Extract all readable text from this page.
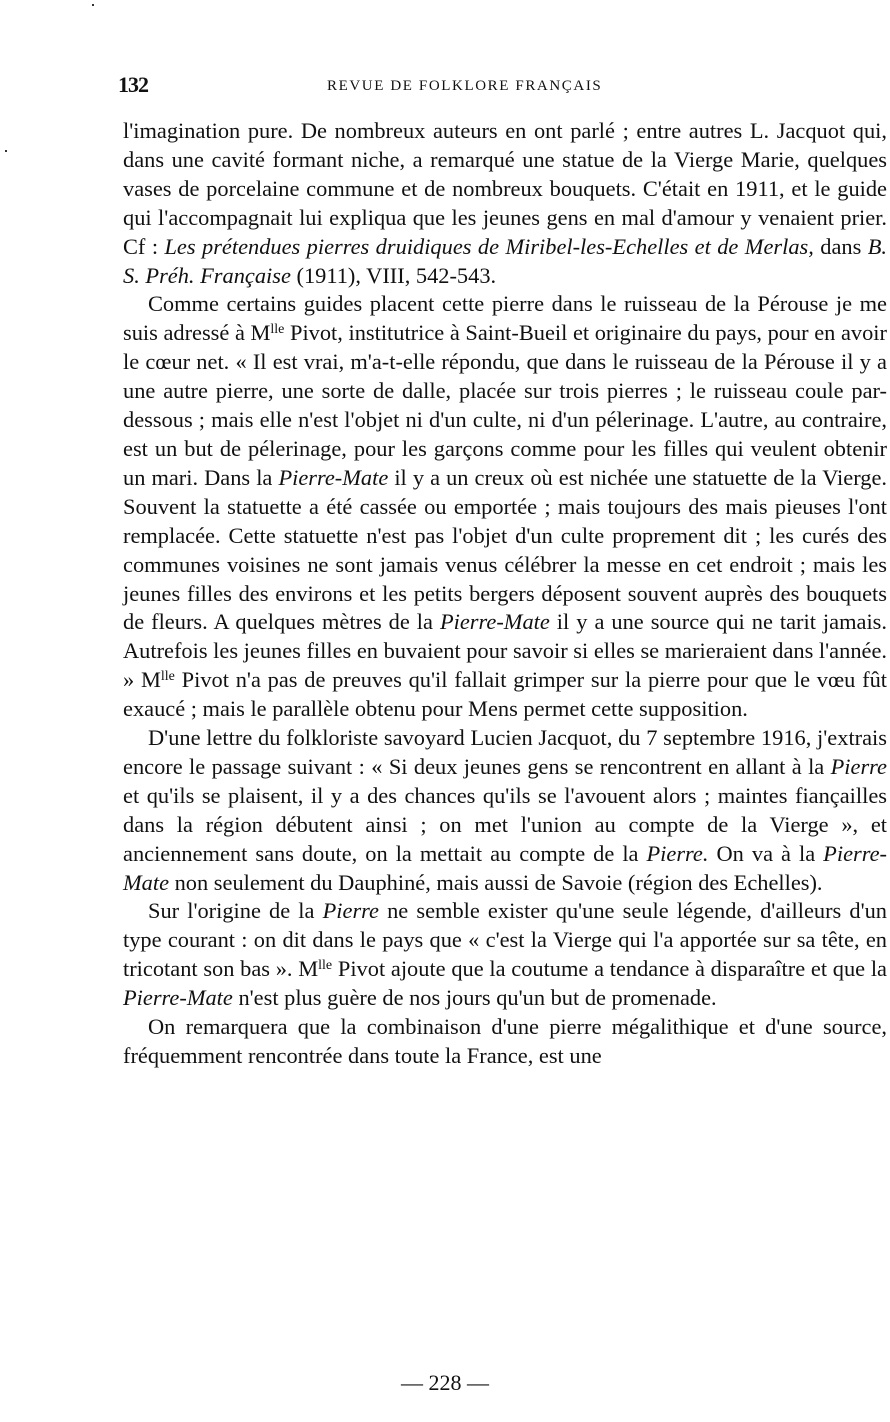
132	REVUE DE FOLKLORE FRANÇAIS

l'imagination pure. De nombreux auteurs en ont parlé ; entre autres L. Jacquot qui, dans une cavité formant niche, a remarqué une statue de la Vierge Marie, quelques vases de porcelaine commune et de nombreux bouquets. C'était en 1911, et le guide qui l'accompagnait lui expliqua que les jeunes gens en mal d'amour y venaient prier. Cf : Les prétendues pierres druidiques de Miribel-les-Echelles et de Merlas, dans B. S. Préh. Française (1911), VIII, 542-543.

Comme certains guides placent cette pierre dans le ruisseau de la Pérouse je me suis adressé à $M^{lle}$ Pivot, institutrice à Saint-Bueil et originaire du pays, pour en avoir le cœur net. « Il est vrai, m'a-t-elle répondu, que dans le ruisseau de la Pérouse il y a une autre pierre, une sorte de dalle, placée sur trois pierres ; le ruisseau coule par-dessous ; mais elle n'est l'objet ni d'un culte, ni d'un pélerinage. L'autre, au contraire, est un but de pélerinage, pour les garçons comme pour les filles qui veulent obtenir un mari. Dans la Pierre-Mate il y a un creux où est nichée une statuette de la Vierge. Souvent la statuette a été cassée ou emportée ; mais toujours des mais pieuses l'ont remplacée. Cette statuette n'est pas l'objet d'un culte proprement dit ; les curés des communes voisines ne sont jamais venus célébrer la messe en cet endroit ; mais les jeunes filles des environs et les petits bergers déposent souvent auprès des bouquets de fleurs. A quelques mètres de la Pierre-Mate il y a une source qui ne tarit jamais. Autrefois les jeunes filles en buvaient pour savoir si elles se marieraient dans l'année. » $M^{lle}$ Pivot n'a pas de preuves qu'il fallait grimper sur la pierre pour que le vœu fût exaucé ; mais le parallèle obtenu pour Mens permet cette supposition.

D'une lettre du folkloriste savoyard Lucien Jacquot, du 7 septembre 1916, j'extrais encore le passage suivant : « Si deux jeunes gens se rencontrent en allant à la Pierre et qu'ils se plaisent, il y a des chances qu'ils se l'avouent alors ; maintes fiançailles dans la région débutent ainsi ; on met l'union au compte de la Vierge », et anciennement sans doute, on la mettait au compte de la Pierre. On va à la Pierre-Mate non seulement du Dauphiné, mais aussi de Savoie (région des Echelles).

Sur l'origine de la Pierre ne semble exister qu'une seule légende, d'ailleurs d'un type courant : on dit dans le pays que « c'est la Vierge qui l'a apportée sur sa tête, en tricotant son bas ». $M^{lle}$ Pivot ajoute que la coutume a tendance à disparaître et que la Pierre-Mate n'est plus guère de nos jours qu'un but de promenade.

On remarquera que la combinaison d'une pierre mégalithique et d'une source, fréquemment rencontrée dans toute la France, est une

— 228 —
